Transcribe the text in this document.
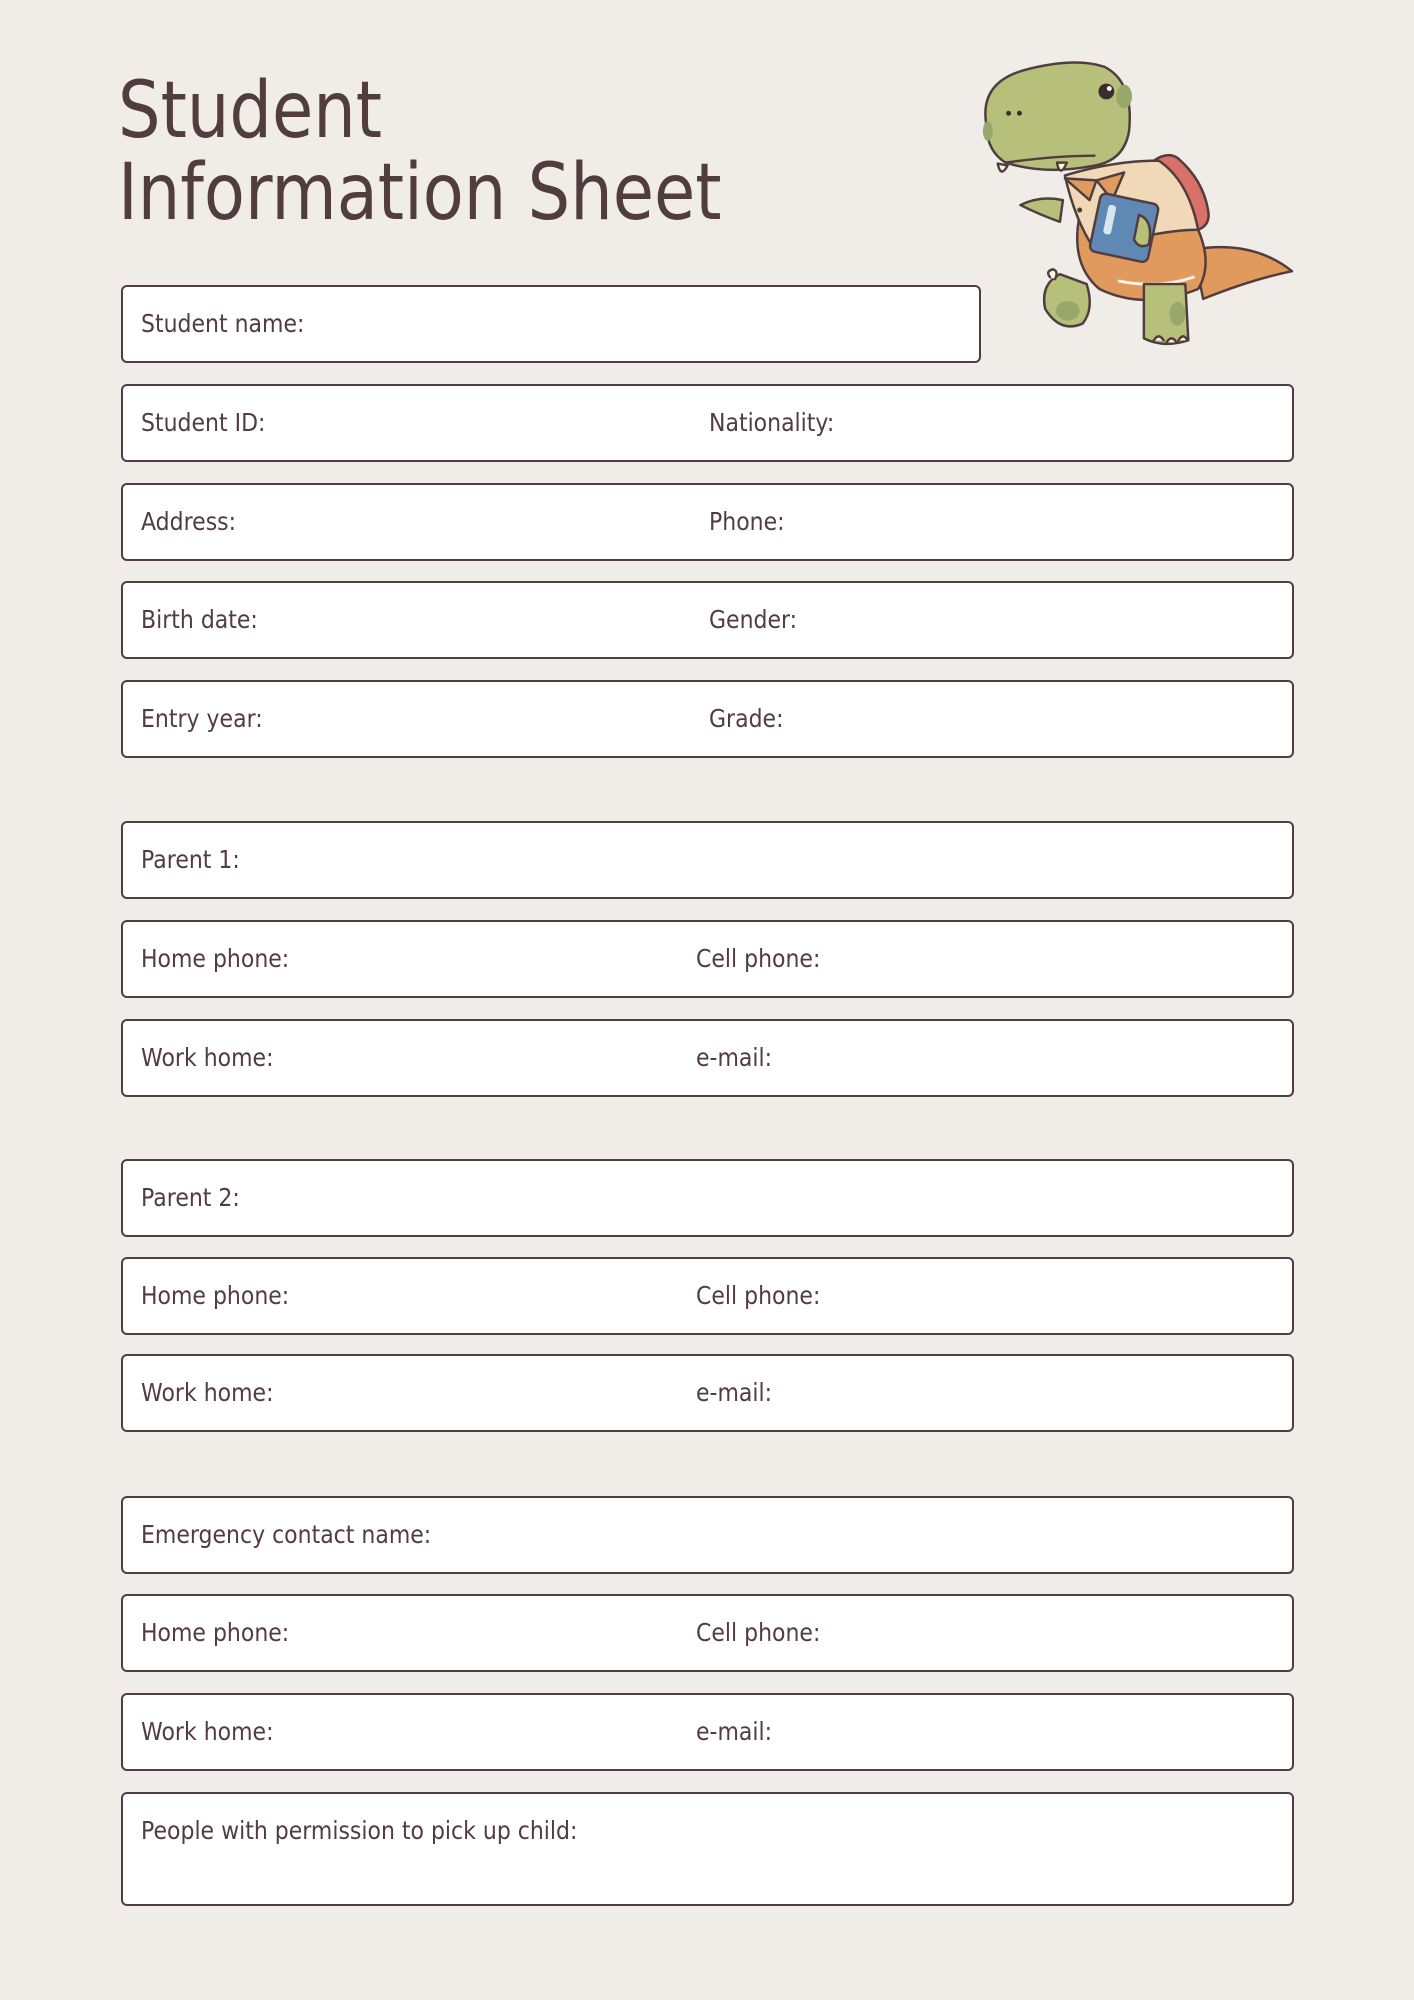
Student
Information Sheet
Student name:
Student ID:	Nationality:
Address:	Phone:
Birth date:	Gender:
Entry year:	Grade:
Parent 1:
Home phone:	Cell phone:
Work home:	e-mail:
Parent 2:
Home phone:	Cell phone:
Work home:	e-mail:
Emergency contact name:
Home phone:	Cell phone:
Work home:	e-mail:
People with permission to pick up child:
